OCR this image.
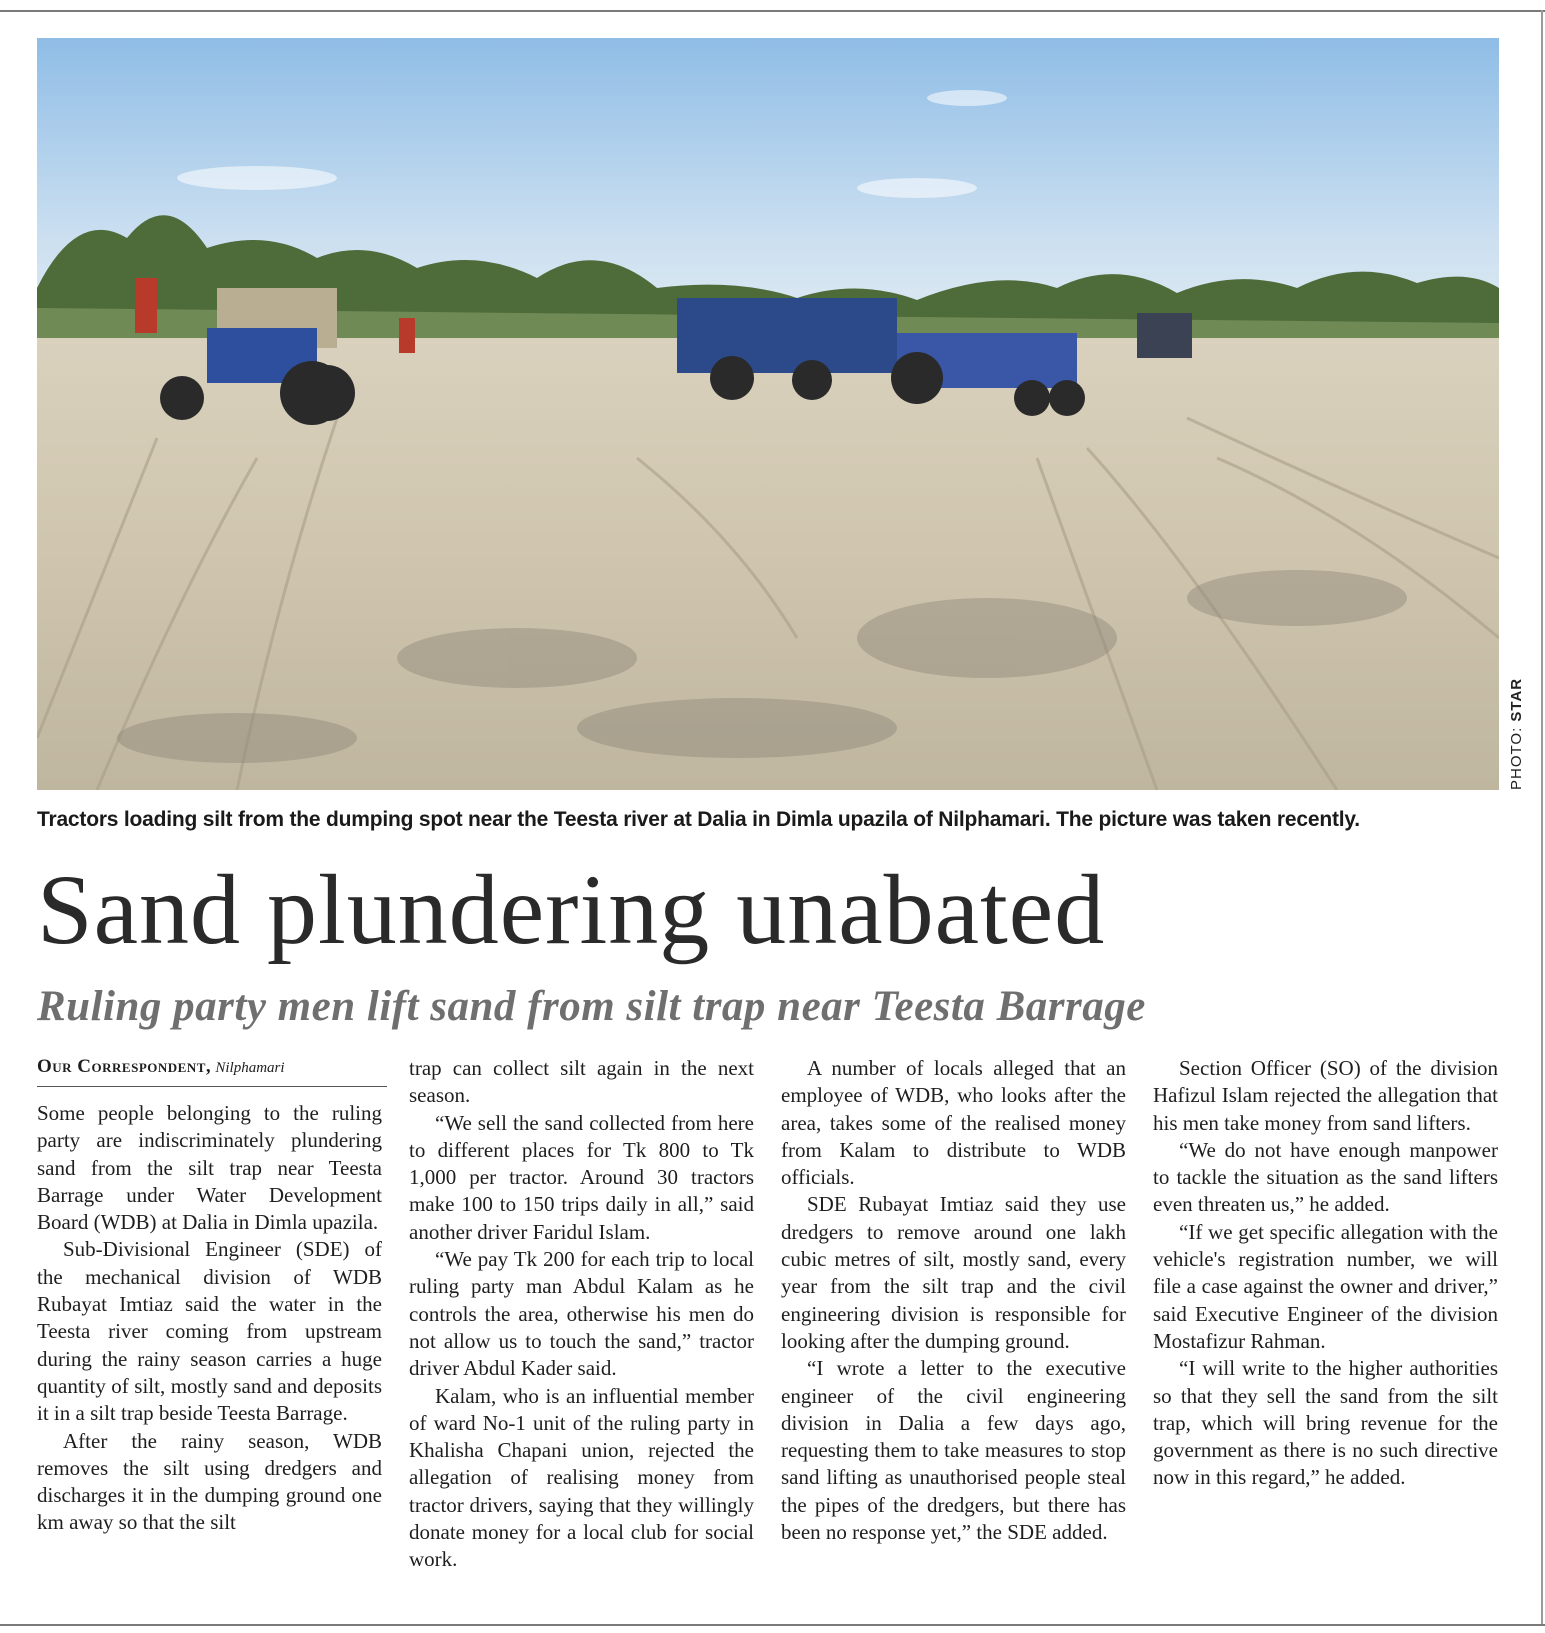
PHOTO: STAR
Tractors loading silt from the dumping spot near the Teesta river at Dalia in Dimla upazila of Nilphamari. The picture was taken recently.
Sand plundering unabated
Ruling party men lift sand from silt trap near Teesta Barrage
Our Correspondent, Nilphamari

Some people belonging to the ruling party are indiscriminately plundering sand from the silt trap near Teesta Barrage under Water Development Board (WDB) at Dalia in Dimla upazila.

Sub-Divisional Engineer (SDE) of the mechanical division of WDB Rubayat Imtiaz said the water in the Teesta river coming from upstream during the rainy season carries a huge quantity of silt, mostly sand and deposits it in a silt trap beside Teesta Barrage.

After the rainy season, WDB removes the silt using dredgers and discharges it in the dumping ground one km away so that the silt

trap can collect silt again in the next season.

“We sell the sand collected from here to different places for Tk 800 to Tk 1,000 per tractor. Around 30 tractors make 100 to 150 trips daily in all,” said another driver Faridul Islam.

“We pay Tk 200 for each trip to local ruling party man Abdul Kalam as he controls the area, otherwise his men do not allow us to touch the sand,” tractor driver Abdul Kader said.

Kalam, who is an influential member of ward No-1 unit of the ruling party in Khalisha Chapani union, rejected the allegation of realising money from tractor drivers, saying that they willingly donate money for a local club for social work.

A number of locals alleged that an employee of WDB, who looks after the area, takes some of the realised money from Kalam to distribute to WDB officials.

SDE Rubayat Imtiaz said they use dredgers to remove around one lakh cubic metres of silt, mostly sand, every year from the silt trap and the civil engineering division is responsible for looking after the dumping ground.

“I wrote a letter to the executive engineer of the civil engineering division in Dalia a few days ago, requesting them to take measures to stop sand lifting as unauthorised people steal the pipes of the dredgers, but there has been no response yet,” the SDE added.

Section Officer (SO) of the division Hafizul Islam rejected the allegation that his men take money from sand lifters.

“We do not have enough manpower to tackle the situation as the sand lifters even threaten us,” he added.

“If we get specific allegation with the vehicle's registration number, we will file a case against the owner and driver,” said Executive Engineer of the division Mostafizur Rahman.

“I will write to the higher authorities so that they sell the sand from the silt trap, which will bring revenue for the government as there is no such directive now in this regard,” he added.
